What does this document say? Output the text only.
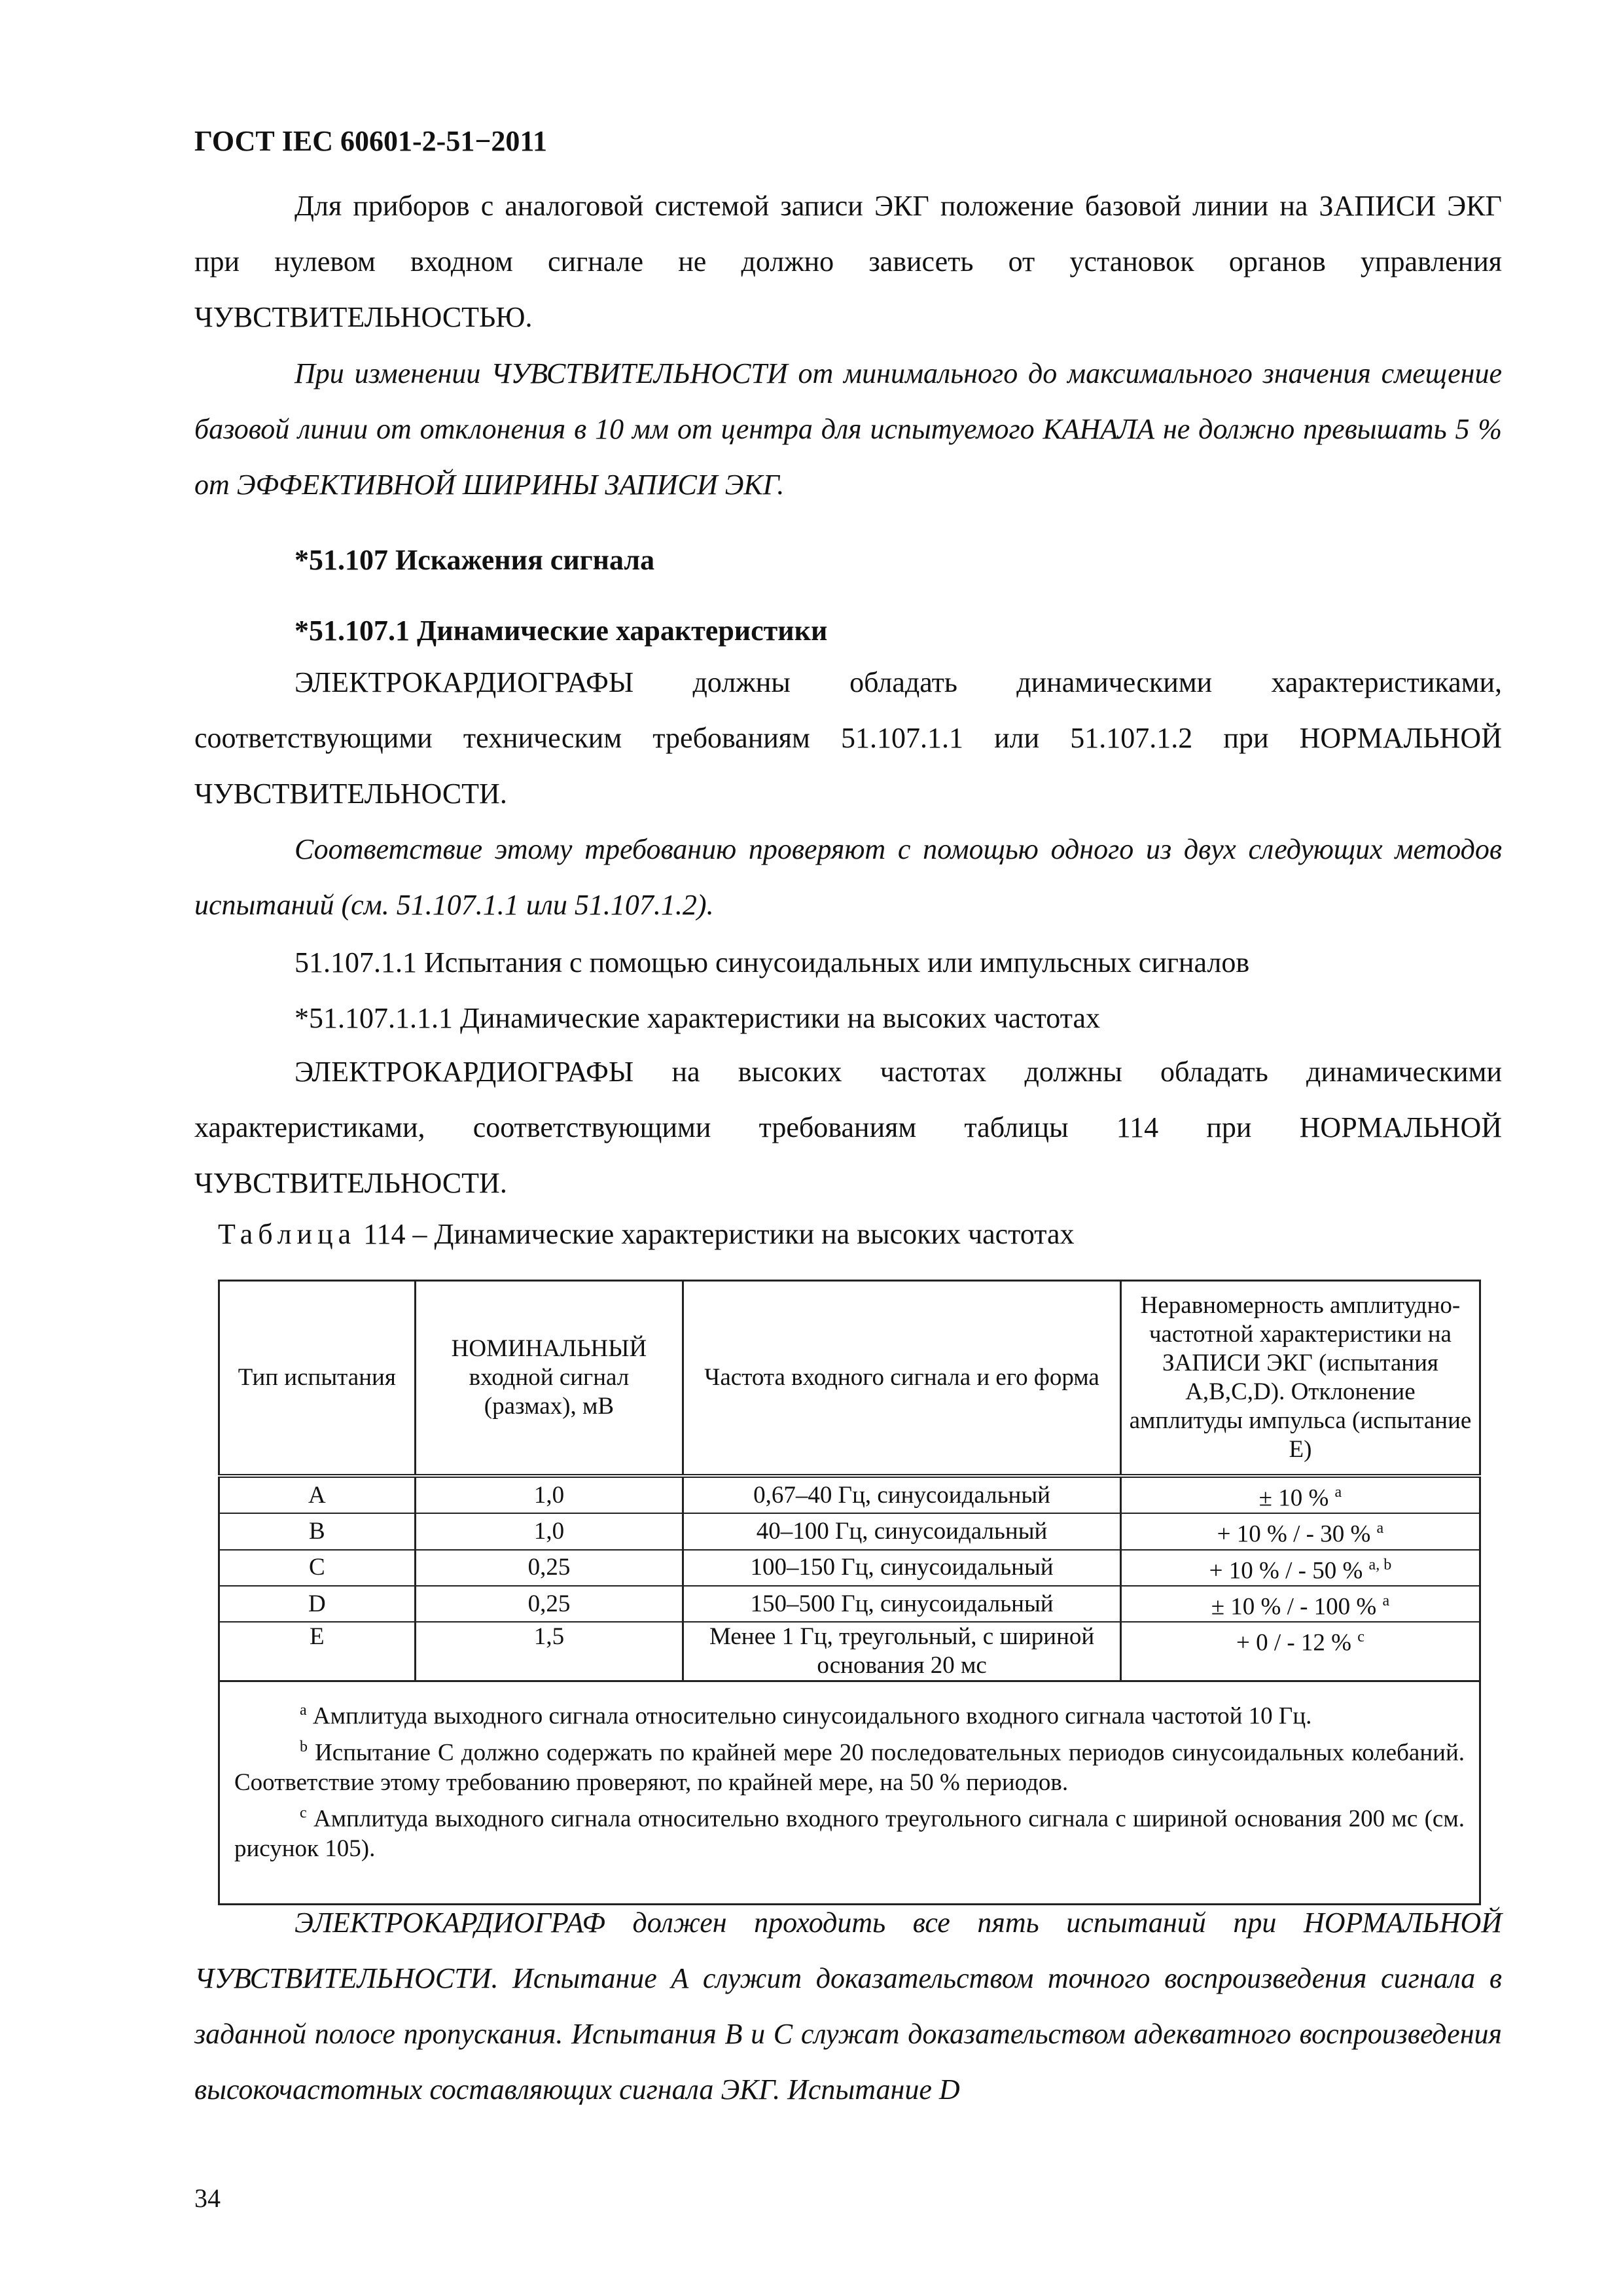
ГОСТ IEC 60601-2-51−2011

Для приборов с аналоговой системой записи ЭКГ положение базовой линии на ЗАПИСИ ЭКГ при нулевом входном сигнале не должно зависеть от установок органов управления ЧУВСТВИТЕЛЬНОСТЬЮ.

При изменении ЧУВСТВИТЕЛЬНОСТИ от минимального до максимального значения смещение базовой линии от отклонения в 10 мм от центра для испытуемого КАНАЛА не должно превышать 5 % от ЭФФЕКТИВНОЙ ШИРИНЫ ЗАПИСИ ЭКГ.

*51.107 Искажения сигнала
*51.107.1 Динамические характеристики

ЭЛЕКТРОКАРДИОГРАФЫ должны обладать динамическими характеристиками, соответствующими техническим требованиям 51.107.1.1 или 51.107.1.2 при НОРМАЛЬНОЙ ЧУВСТВИТЕЛЬНОСТИ.

Соответствие этому требованию проверяют с помощью одного из двух следующих методов испытаний (см. 51.107.1.1 или 51.107.1.2).

51.107.1.1 Испытания с помощью синусоидальных или импульсных сигналов
*51.107.1.1.1 Динамические характеристики на высоких частотах

ЭЛЕКТРОКАРДИОГРАФЫ на высоких частотах должны обладать динамическими характеристиками, соответствующими требованиям таблицы 114 при НОРМАЛЬНОЙ ЧУВСТВИТЕЛЬНОСТИ.

Таблица 114 – Динамические характеристики на высоких частотах
Тип испытания	НОМИНАЛЬНЫЙ входной сигнал (размах), мВ	Частота входного сигнала и его форма	Неравномерность амплитудно-частотной характеристики на ЗАПИСИ ЭКГ (испытания А,В,С,D). Отклонение амплитуды импульса (испытание Е)
A	1,0	0,67–40 Гц, синусоидальный	± 10 % $^a$
B	1,0	40–100 Гц, синусоидальный	+ 10 % / - 30 % $^a$
C	0,25	100–150 Гц, синусоидальный	+ 10 % / - 50 % $^{a, b}$
D	0,25	150–500 Гц, синусоидальный	± 10 % / - 100 % $^a$
E	1,5	Менее 1 Гц, треугольный, с шириной основания 20 мс	+ 0 / - 12 % $^c$

$^a$ Амплитуда выходного сигнала относительно синусоидального входного сигнала частотой 10 Гц.
$^b$ Испытание С должно содержать по крайней мере 20 последовательных периодов синусоидальных колебаний. Соответствие этому требованию проверяют, по крайней мере, на 50 % периодов.
$^c$ Амплитуда выходного сигнала относительно входного треугольного сигнала с шириной основания 200 мс (см. рисунок 105).			

ЭЛЕКТРОКАРДИОГРАФ должен проходить все пять испытаний при НОРМАЛЬНОЙ ЧУВСТВИТЕЛЬНОСТИ. Испытание А служит доказательством точного воспроизведения сигнала в заданной полосе пропускания. Испытания В и С служат доказательством адекватного воспроизведения высокочастотных составляющих сигнала ЭКГ. Испытание D

34
